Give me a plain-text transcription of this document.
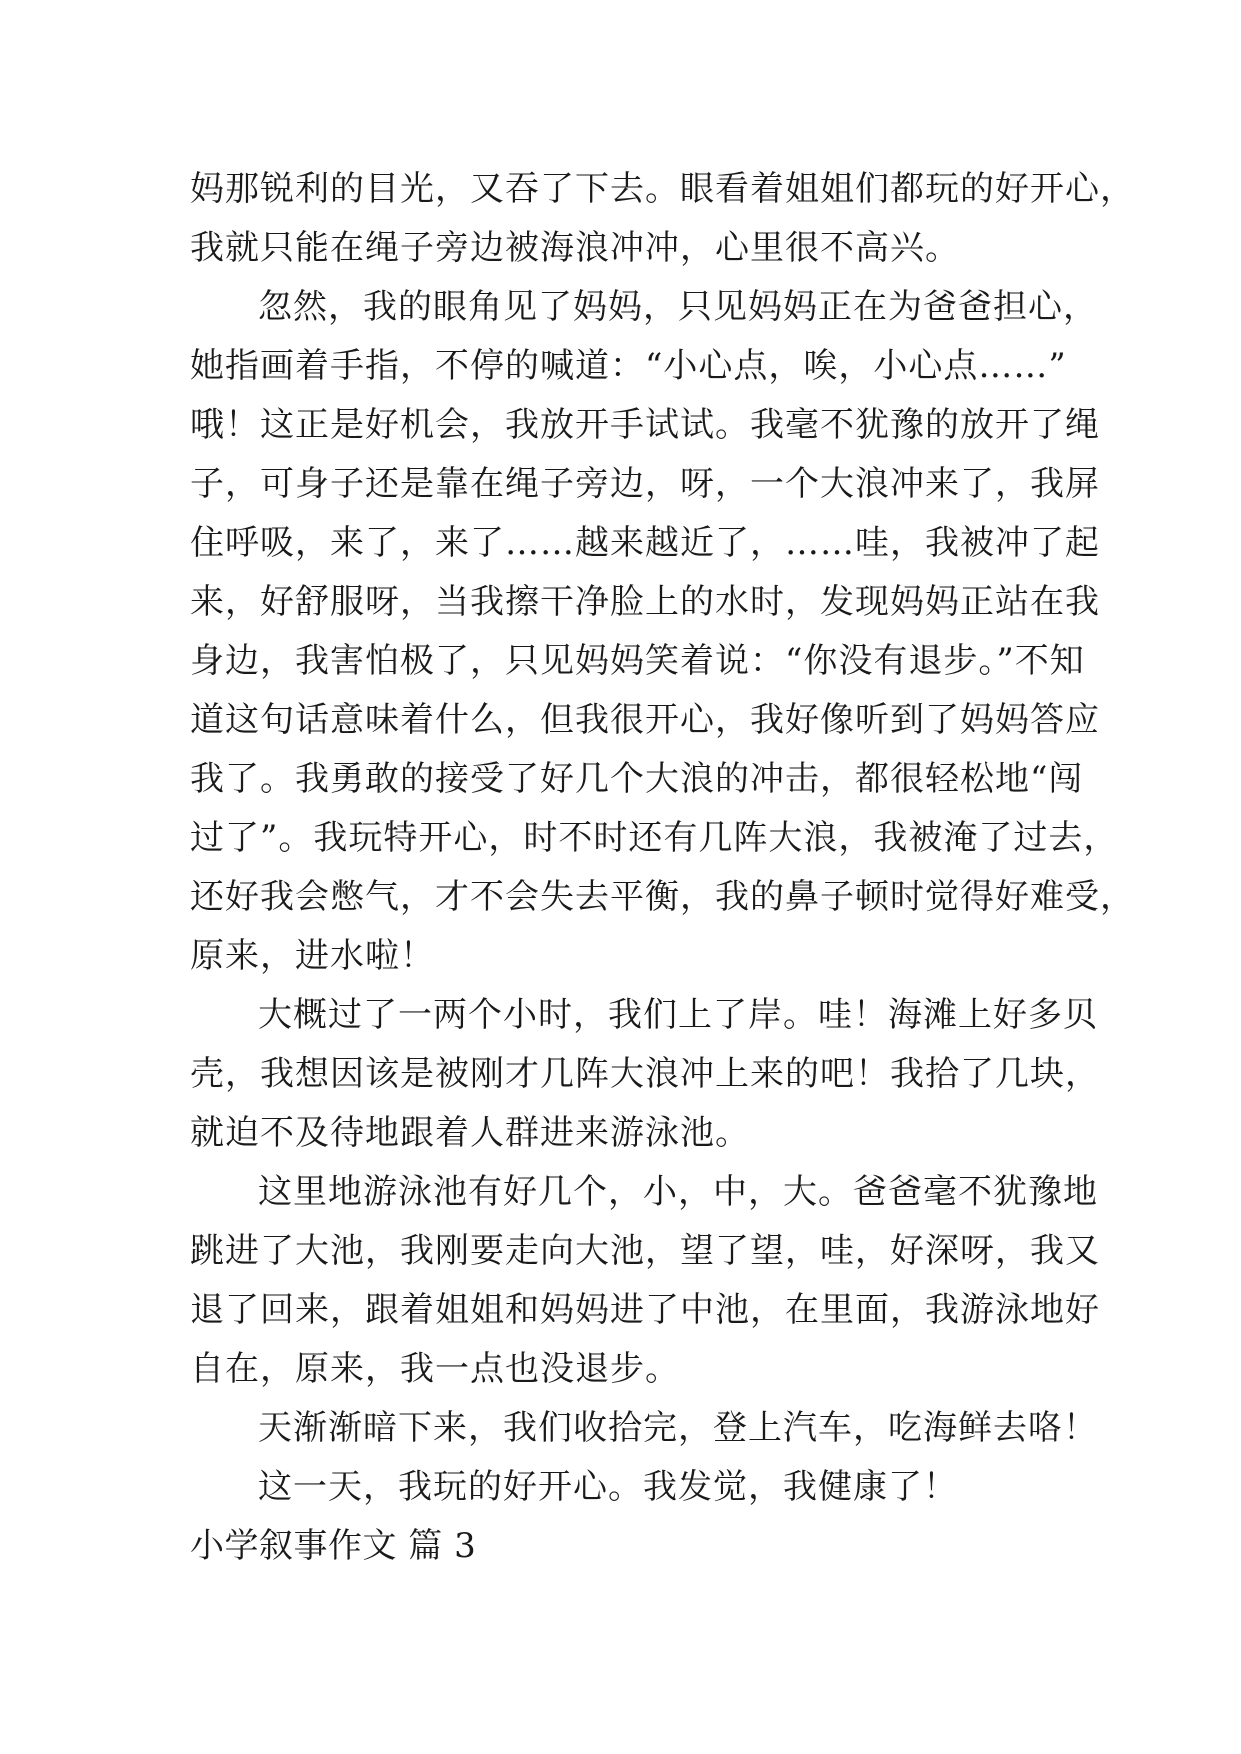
妈那锐利的目光，又吞了下去。眼看着姐姐们都玩的好开心，
我就只能在绳子旁边被海浪冲冲，心里很不高兴。
忽然，我的眼角见了妈妈，只见妈妈正在为爸爸担心，
她指画着手指，不停的喊道：“小心点，唉，小心点……”
哦！这正是好机会，我放开手试试。我毫不犹豫的放开了绳
子，可身子还是靠在绳子旁边，呀，一个大浪冲来了，我屏
住呼吸，来了，来了……越来越近了，……哇，我被冲了起
来，好舒服呀，当我擦干净脸上的水时，发现妈妈正站在我
身边，我害怕极了，只见妈妈笑着说：“你没有退步。”不知
道这句话意味着什么，但我很开心，我好像听到了妈妈答应
我了。我勇敢的接受了好几个大浪的冲击，都很轻松地“闯
过了”。我玩特开心，时不时还有几阵大浪，我被淹了过去，
还好我会憋气，才不会失去平衡，我的鼻子顿时觉得好难受，
原来，进水啦！
大概过了一两个小时，我们上了岸。哇！海滩上好多贝
壳，我想因该是被刚才几阵大浪冲上来的吧！我拾了几块，
就迫不及待地跟着人群进来游泳池。
这里地游泳池有好几个，小，中，大。爸爸毫不犹豫地
跳进了大池，我刚要走向大池，望了望，哇，好深呀，我又
退了回来，跟着姐姐和妈妈进了中池，在里面，我游泳地好
自在，原来，我一点也没退步。
天渐渐暗下来，我们收拾完，登上汽车，吃海鲜去咯！
这一天，我玩的好开心。我发觉，我健康了！
小学叙事作文 篇 3
